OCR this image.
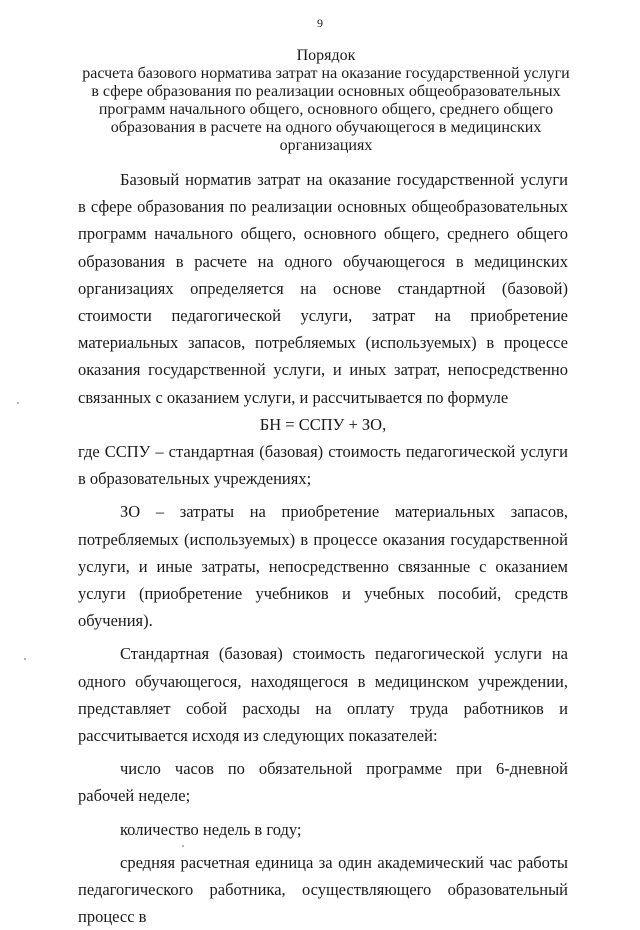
9
Порядок
расчета базового норматива затрат на оказание государственной услуги в сфере образования по реализации основных общеобразовательных программ начального общего, основного общего, среднего общего образования в расчете на одного обучающегося в медицинских организациях

Базовый норматив затрат на оказание государственной услуги в сфере образования по реализации основных общеобразовательных программ начального общего, основного общего, среднего общего образования в расчете на одного обучающегося в медицинских организациях определяется на основе стандартной (базовой) стоимости педагогической услуги, затрат на приобретение материальных запасов, потребляемых (используемых) в процессе оказания государственной услуги, и иных затрат, непосредственно связанных с оказанием услуги, и рассчитывается по формуле

БН = ССПУ + ЗО,

где ССПУ – стандартная (базовая) стоимость педагогической услуги в образовательных учреждениях;

ЗО – затраты на приобретение материальных запасов, потребляемых (используемых) в процессе оказания государственной услуги, и иные затраты, непосредственно связанные с оказанием услуги (приобретение учебников и учебных пособий, средств обучения).

Стандартная (базовая) стоимость педагогической услуги на одного обучающегося, находящегося в медицинском учреждении, представляет собой расходы на оплату труда работников и рассчитывается исходя из следующих показателей:

число часов по обязательной программе при 6-дневной рабочей неделе;

количество недель в году;

средняя расчетная единица за один академический час работы педагогического работника, осуществляющего образовательный процесс в
